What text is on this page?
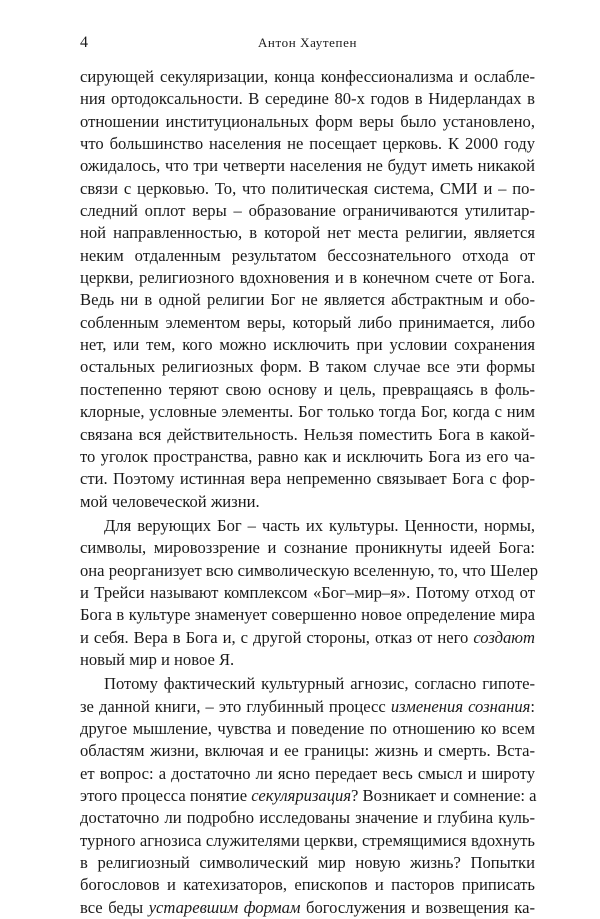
4	Антон Хаутепен
сирующей секуляризации, конца конфессионализма и ослабле-
ния ортодоксальности. В середине 80-х годов в Нидерландах в
отношении институциональных форм веры было установлено,
что большинство населения не посещает церковь. К 2000 году
ожидалось, что три четверти населения не будут иметь никакой
связи с церковью. То, что политическая система, СМИ и – по-
следний оплот веры – образование ограничиваются утилитар-
ной направленностью, в которой нет места религии, является
неким отдаленным результатом бессознательного отхода от
церкви, религиозного вдохновения и в конечном счете от Бога.
Ведь ни в одной религии Бог не является абстрактным и обо-
собленным элементом веры, который либо принимается, либо
нет, или тем, кого можно исключить при условии сохранения
остальных религиозных форм. В таком случае все эти формы
постепенно теряют свою основу и цель, превращаясь в фоль-
клорные, условные элементы. Бог только тогда Бог, когда с ним
связана вся действительность. Нельзя поместить Бога в какой-
то уголок пространства, равно как и исключить Бога из его ча-
сти. Поэтому истинная вера непременно связывает Бога с фор-
мой человеческой жизни.
Для верующих Бог – часть их культуры. Ценности, нормы,
символы, мировоззрение и сознание проникнуты идеей Бога:
она реорганизует всю символическую вселенную, то, что Шелер
и Трейси называют комплексом «Бог–мир–я». Потому отход от
Бога в культуре знаменует совершенно новое определение мира
и себя. Вера в Бога и, с другой стороны, отказ от него создают
новый мир и новое Я.
Потому фактический культурный агнозис, согласно гипоте-
зе данной книги, – это глубинный процесс изменения сознания:
другое мышление, чувства и поведение по отношению ко всем
областям жизни, включая и ее границы: жизнь и смерть. Вста-
ет вопрос: а достаточно ли ясно передает весь смысл и широту
этого процесса понятие секуляризация? Возникает и сомнение: а
достаточно ли подробно исследованы значение и глубина куль-
турного агнозиса служителями церкви, стремящимися вдохнуть
в религиозный символический мир новую жизнь? Попытки
богословов и катехизаторов, епископов и пасторов приписать
все беды устаревшим формам богослужения и возвещения ка-
